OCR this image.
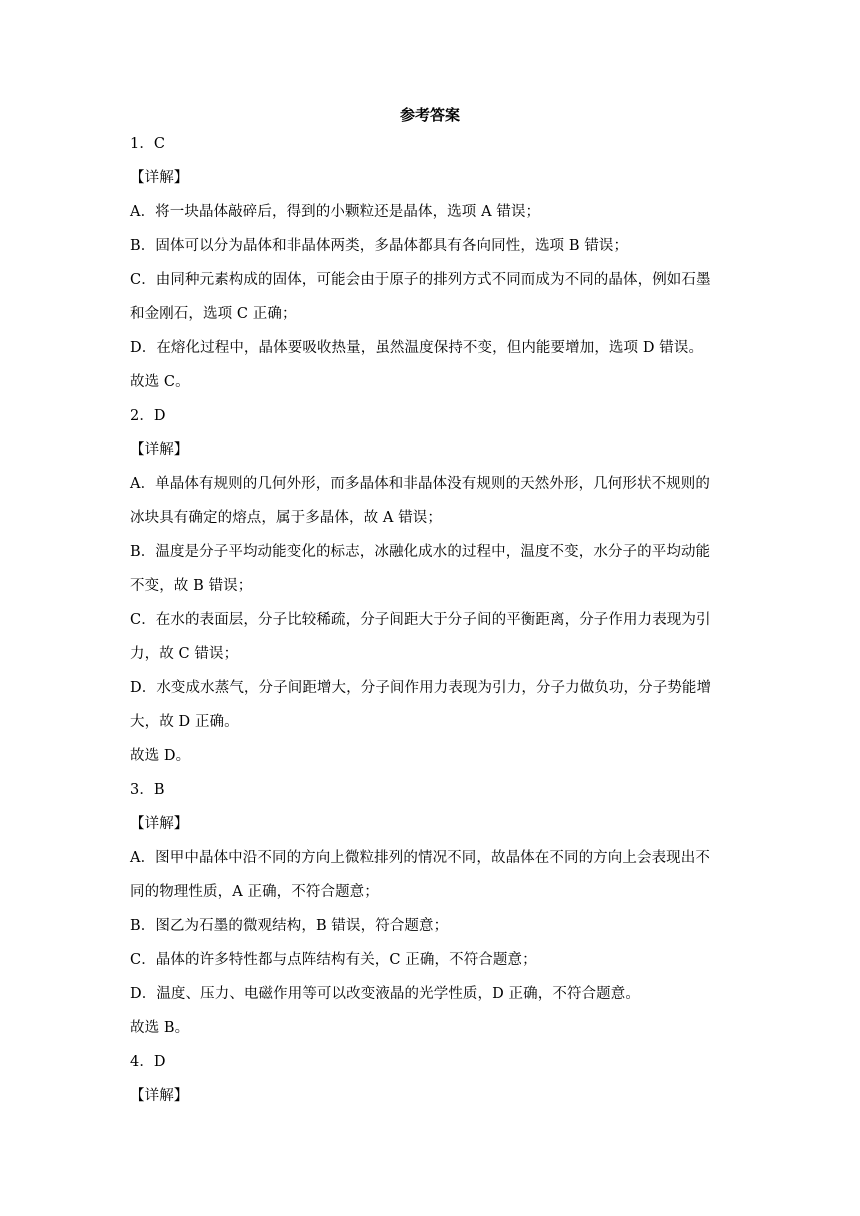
参考答案
1．C
【详解】
A．将一块晶体敲碎后，得到的小颗粒还是晶体，选项 A 错误；
B．固体可以分为晶体和非晶体两类，多晶体都具有各向同性，选项 B 错误；
C．由同种元素构成的固体，可能会由于原子的排列方式不同而成为不同的晶体，例如石墨
和金刚石，选项 C 正确；
D．在熔化过程中，晶体要吸收热量，虽然温度保持不变，但内能要增加，选项 D 错误。
故选 C。
2．D
【详解】
A．单晶体有规则的几何外形，而多晶体和非晶体没有规则的天然外形，几何形状不规则的
冰块具有确定的熔点，属于多晶体，故 A 错误；
B．温度是分子平均动能变化的标志，冰融化成水的过程中，温度不变，水分子的平均动能
不变，故 B 错误；
C．在水的表面层，分子比较稀疏，分子间距大于分子间的平衡距离，分子作用力表现为引
力，故 C 错误；
D．水变成水蒸气，分子间距增大，分子间作用力表现为引力，分子力做负功，分子势能增
大，故 D 正确。
故选 D。
3．B
【详解】
A．图甲中晶体中沿不同的方向上微粒排列的情况不同，故晶体在不同的方向上会表现出不
同的物理性质，A 正确，不符合题意；
B．图乙为石墨的微观结构，B 错误，符合题意；
C．晶体的许多特性都与点阵结构有关，C 正确，不符合题意；
D．温度、压力、电磁作用等可以改变液晶的光学性质，D 正确，不符合题意。
故选 B。
4．D
【详解】
